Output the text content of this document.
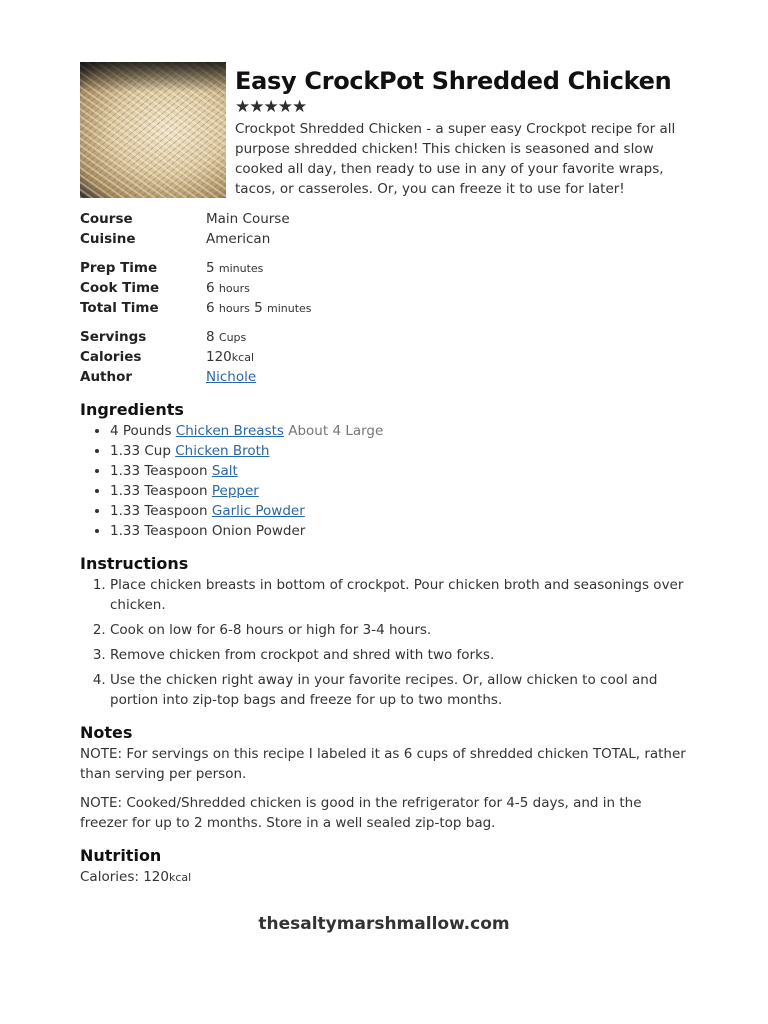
Easy CrockPot Shredded Chicken
★★★★★

Crockpot Shredded Chicken - a super easy Crockpot recipe for all purpose shredded chicken! This chicken is seasoned and slow cooked all day, then ready to use in any of your favorite wraps, tacos, or casseroles. Or, you can freeze it to use for later!

Course	Main Course
Cuisine	American
Prep Time	5 minutes
Cook Time	6 hours
Total Time	6 hours 5 minutes
Servings	8 Cups
Calories	120kcal
Author	Nichole
Ingredients
• 4 Pounds Chicken Breasts About 4 Large
• 1.33 Cup Chicken Broth
• 1.33 Teaspoon Salt
• 1.33 Teaspoon Pepper
• 1.33 Teaspoon Garlic Powder
• 1.33 Teaspoon Onion Powder
Instructions
1. Place chicken breasts in bottom of crockpot. Pour chicken broth and seasonings over chicken.
2. Cook on low for 6-8 hours or high for 3-4 hours.
3. Remove chicken from crockpot and shred with two forks.
4. Use the chicken right away in your favorite recipes. Or, allow chicken to cool and portion into zip-top bags and freeze for up to two months.
Notes

NOTE: For servings on this recipe I labeled it as 6 cups of shredded chicken TOTAL, rather than serving per person.

NOTE: Cooked/Shredded chicken is good in the refrigerator for 4-5 days, and in the freezer for up to 2 months. Store in a well sealed zip-top bag.

Nutrition
Calories: 120kcal
thesaltymarshmallow.com
